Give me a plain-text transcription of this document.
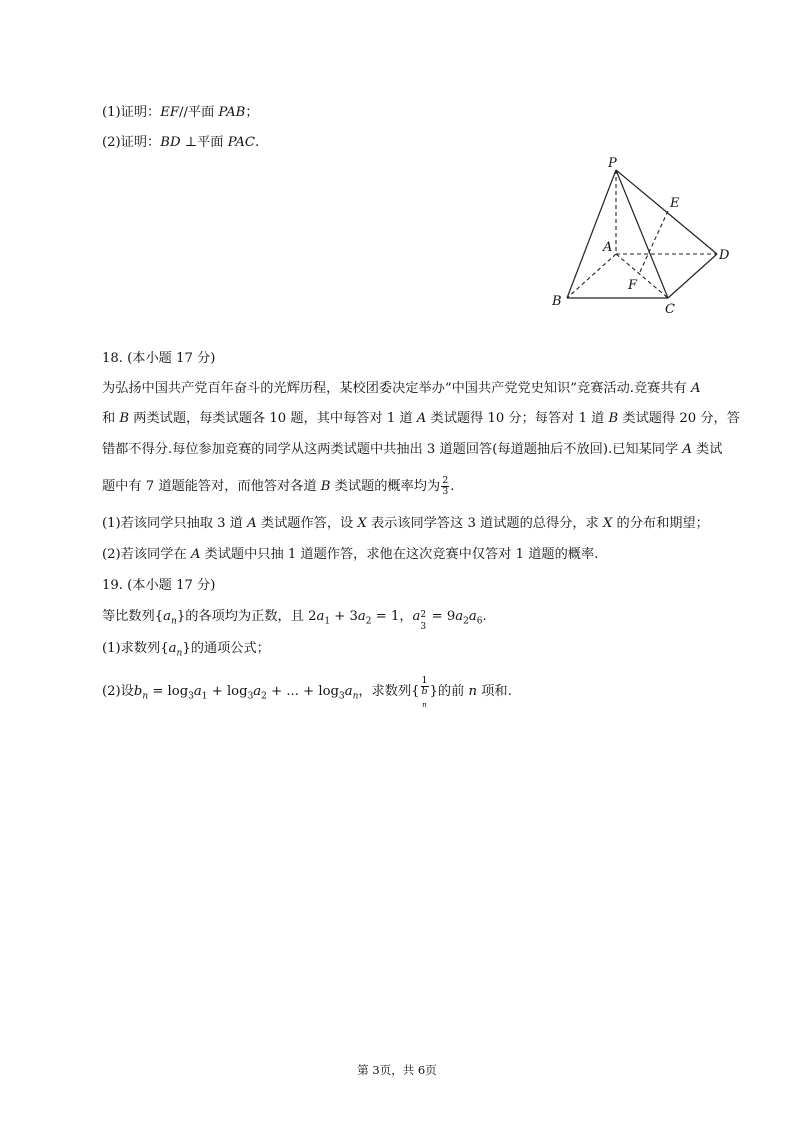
(1)证明：EF//平面 PAB；
(2)证明：BD ⊥平面 PAC.
P
E
A
D
F
B
C
18. (本小题 17 分)
为弘扬中国共产党百年奋斗的光辉历程，某校团委决定举办“中国共产党党史知识”竞赛活动.竞赛共有 A
和 B 两类试题，每类试题各 10 题，其中每答对 1 道 A 类试题得 10 分；每答对 1 道 B 类试题得 20 分，答
错都不得分.每位参加竞赛的同学从这两类试题中共抽出 3 道题回答(每道题抽后不放回).已知某同学 A 类试
题中有 7 道题能答对，而他答对各道 B 类试题的概率均为 $\frac{2}{3}$ .
(1)若该同学只抽取 3 道 A 类试题作答，设 X 表示该同学答这 3 道试题的总得分，求 X 的分布和期望；
(2)若该同学在 A 类试题中只抽 1 道题作答，求他在这次竞赛中仅答对 1 道题的概率.
19. (本小题 17 分)
等比数列$\{a_n\}$的各项均为正数，且 $2a_1 + 3a_2 = 1$，a 2
3
= $9a_2a_6$.
(1)求数列$\{a_n\}$的通项公式；
(2)设$b_n = \log_3a_1 + \log_3a_2$ + ... + $\log_3a_n$，求数列{ 1
b
$_n$ }的前 n 项和.
第 3页，共 6页
